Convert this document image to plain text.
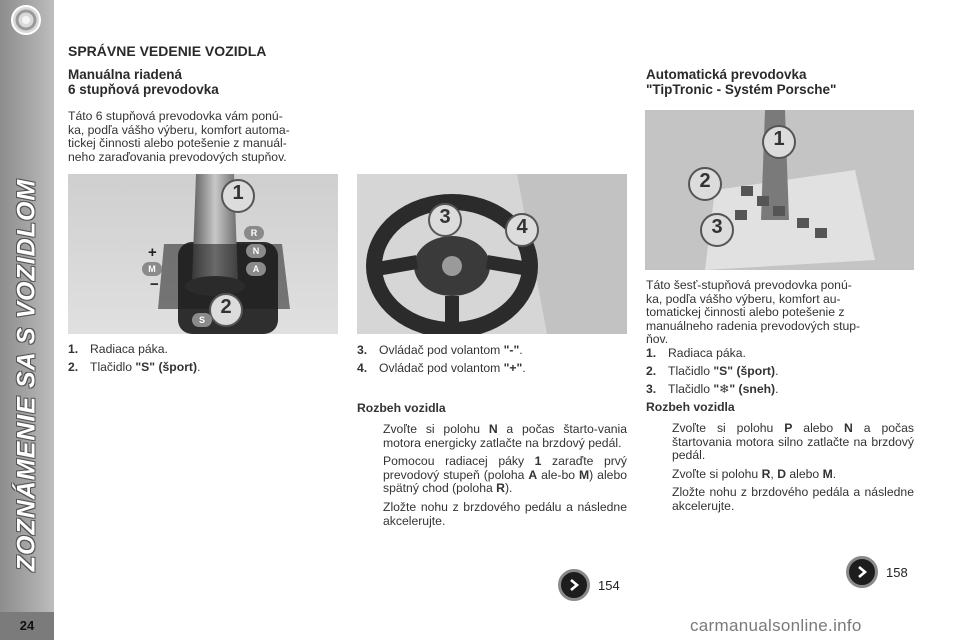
ZOZNÁMENIE SA S VOZIDLOM
24
SPRÁVNE VEDENIE VOZIDLA
Manuálna riadená
6 stupňová prevodovka
Táto 6 stupňová prevodovka vám ponú-
ka, podľa vášho výberu, komfort automa-
tickej činnosti alebo potešenie z manuál-
neho zaraďovania prevodových stupňov.
1
2
+
M
−
R
N
A
S
1. Radiaca páka.
2. Tlačidlo "S" (šport).
3	4
3. Ovládač pod volantom "-".
4. Ovládač pod volantom "+".
Rozbeh vozidla
Zvoľte si polohu N a počas štarto-vania motora energicky zatlačte na brzdový pedál.
Pomocou radiacej páky 1 zaraďte prvý prevodový stupeň (poloha A ale-bo M) alebo spätný chod (poloha R).
Zložte nohu z brzdového pedálu a následne akcelerujte.
Automatická prevodovka
"TipTronic - Systém Porsche"
1
2
3
Táto šesť-stupňová prevodovka ponú-
ka, podľa vášho výberu, komfort au-
tomatickej činnosti alebo potešenie z
manuálneho radenia prevodových stup-
ňov.
1. Radiaca páka.
2. Tlačidlo "S" (šport).
3. Tlačidlo "❄" (sneh).
Rozbeh vozidla
Zvoľte si polohu P alebo N a počas štartovania motora silno zatlačte na brzdový pedál.
Zvoľte si polohu R, D alebo M.
Zložte nohu z brzdového pedála a následne akcelerujte.
154
158
carmanualsonline.info
